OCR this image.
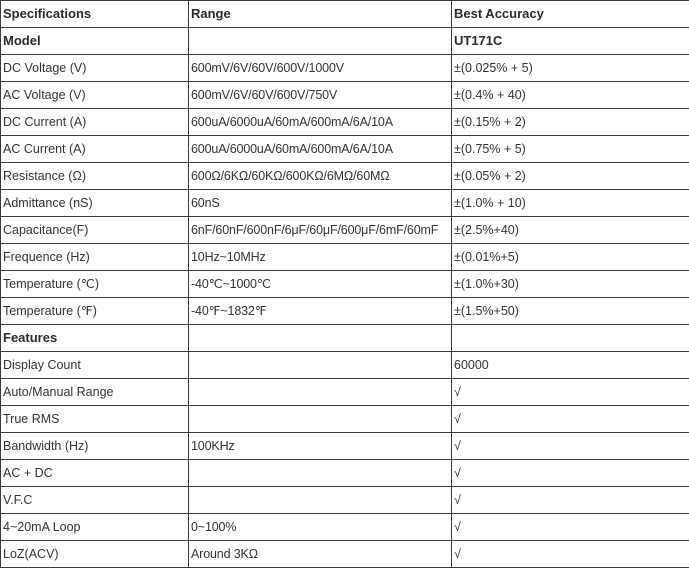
Specifications	Range	Best Accuracy
Model		UT171C
DC Voltage (V)	600mV/6V/60V/600V/1000V	±(0.025% + 5)
AC Voltage (V)	600mV/6V/60V/600V/750V	±(0.4% + 40)
DC Current (A)	600uA/6000uA/60mA/600mA/6A/10A	±(0.15% + 2)
AC Current (A)	600uA/6000uA/60mA/600mA/6A/10A	±(0.75% + 5)
Resistance (Ω)	600Ω/6KΩ/60KΩ/600KΩ/6MΩ/60MΩ	±(0.05% + 2)
Admittance (nS)	60nS	±(1.0% + 10)
Capacitance(F)	6nF/60nF/600nF/6μF/60μF/600μF/6mF/60mF	±(2.5%+40)
Frequence (Hz)	10Hz~10MHz	±(0.01%+5)
Temperature (℃)	-40℃~1000℃	±(1.0%+30)
Temperature (℉)	-40℉~1832℉	±(1.5%+50)
Features		
Display Count		60000
Auto/Manual Range		√
True RMS		√
Bandwidth (Hz)	100KHz	√
AC + DC		√
V.F.C		√
4~20mA Loop	0~100%	√
LoZ(ACV)	Around 3KΩ	√
